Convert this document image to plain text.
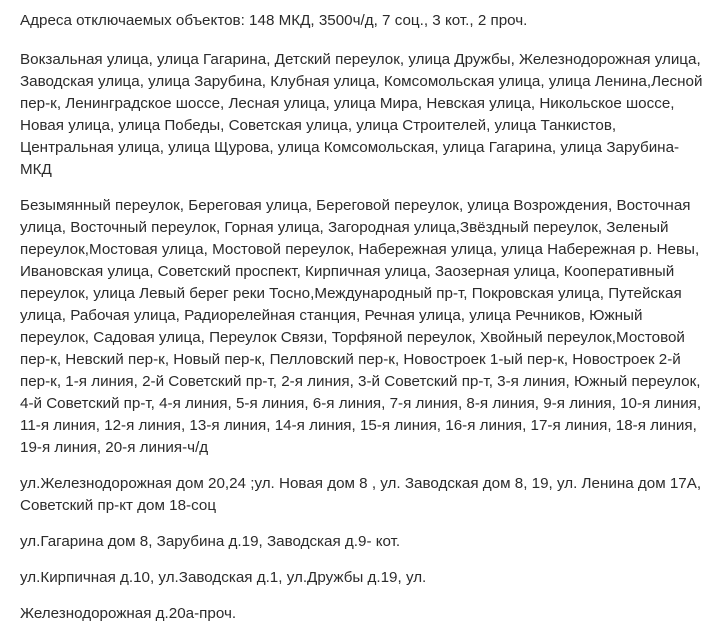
Адреса отключаемых объектов: 148 МКД, 3500ч/д, 7 соц., 3 кот., 2 проч.

Вокзальная улица, улица Гагарина, Детский переулок, улица Дружбы, Железнодорожная улица, Заводская улица, улица Зарубина, Клубная улица, Комсомольская улица, улица Ленина,Лесной пер-к, Ленинградское шоссе, Лесная улица, улица Мира, Невская улица, Никольское шоссе, Новая улица, улица Победы, Советская улица, улица Строителей, улица Танкистов, Центральная улица, улица Щурова, улица Комсомольская, улица Гагарина, улица Зарубина-МКД

Безымянный переулок, Береговая улица, Береговой переулок, улица Возрождения, Восточная улица, Восточный переулок, Горная улица, Загородная улица,Звёздный переулок, Зеленый переулок,Мостовая улица, Мостовой переулок, Набережная улица, улица Набережная р. Невы, Ивановская улица, Советский проспект, Кирпичная улица, Заозерная улица, Кооперативный переулок, улица Левый берег реки Тосно,Международный пр-т, Покровская улица, Путейская улица, Рабочая улица, Радиорелейная станция, Речная улица, улица Речников, Южный переулок, Садовая улица, Переулок Связи, Торфяной переулок, Хвойный переулок,Мостовой пер-к, Невский пер-к, Новый пер-к, Пелловский пер-к, Новостроек 1-ый пер-к, Новостроек 2-й пер-к, 1-я линия, 2-й Советский пр-т, 2-я линия, 3-й Советский пр-т, 3-я линия, Южный переулок, 4-й Советский пр-т, 4-я линия, 5-я линия, 6-я линия, 7-я линия, 8-я линия, 9-я линия, 10-я линия, 11-я линия, 12-я линия, 13-я линия, 14-я линия, 15-я линия, 16-я линия, 17-я линия, 18-я линия, 19-я линия, 20-я линия-ч/д

ул.Железнодорожная дом 20,24 ;ул. Новая дом 8 , ул. Заводская дом 8, 19, ул. Ленина дом 17А, Советский пр-кт дом 18-соц

ул.Гагарина дом 8, Зарубина д.19, Заводская д.9- кот.

ул.Кирпичная д.10, ул.Заводская д.1, ул.Дружбы д.19, ул.

Железнодорожная д.20а-проч.
